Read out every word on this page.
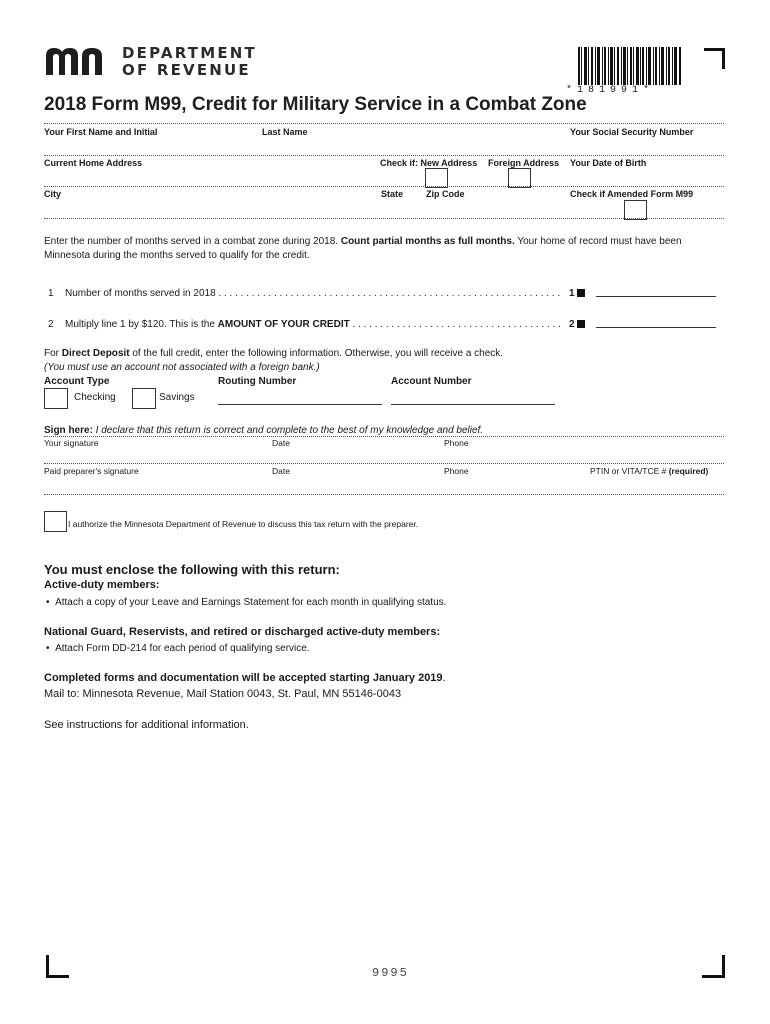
DEPARTMENT
OF REVENUE
*181991*
2018 Form M99, Credit for Military Service in a Combat Zone
Your First Name and Initial	Last Name	Your Social Security Number
Current Home Address	Check if: New Address Foreign Address Your Date of Birth
City	State	Zip Code	Check if Amended Form M99
Enter the number of months served in a combat zone during 2018. Count partial months as full months. Your home of record must have been
Minnesota during the months served to qualify for the credit.
1 Number of months served in 2018 . . . . . . . . . . . . . . . . . . . . . . . . . . . . . . . . . . . . . . . . . . . . . . . . . . . . . . . . . . . . . . 1
2 Multiply line 1 by $120. This is the AMOUNT OF YOUR CREDIT . . . . . . . . . . . . . . . . . . . . . . . . . . . . . . . . . . . . . . 2
For Direct Deposit of the full credit, enter the following information. Otherwise, you will receive a check.
(You must use an account not associated with a foreign bank.)
Account Type	Routing Number	Account Number
Checking	Savings
Sign here: I declare that this return is correct and complete to the best of my knowledge and belief.
Your signature	Date	Phone
Paid preparer's signature	Date	Phone	PTIN or VITA/TCE # (required)
I authorize the Minnesota Department of Revenue to discuss this tax return with the preparer.
You must enclose the following with this return:
Active-duty members:
•  Attach a copy of your Leave and Earnings Statement for each month in qualifying status.
National Guard, Reservists, and retired or discharged active-duty members:
•  Attach Form DD-214 for each period of qualifying service.
Completed forms and documentation will be accepted starting January 2019.
Mail to: Minnesota Revenue, Mail Station 0043, St. Paul, MN 55146-0043
See instructions for additional information.
9995
